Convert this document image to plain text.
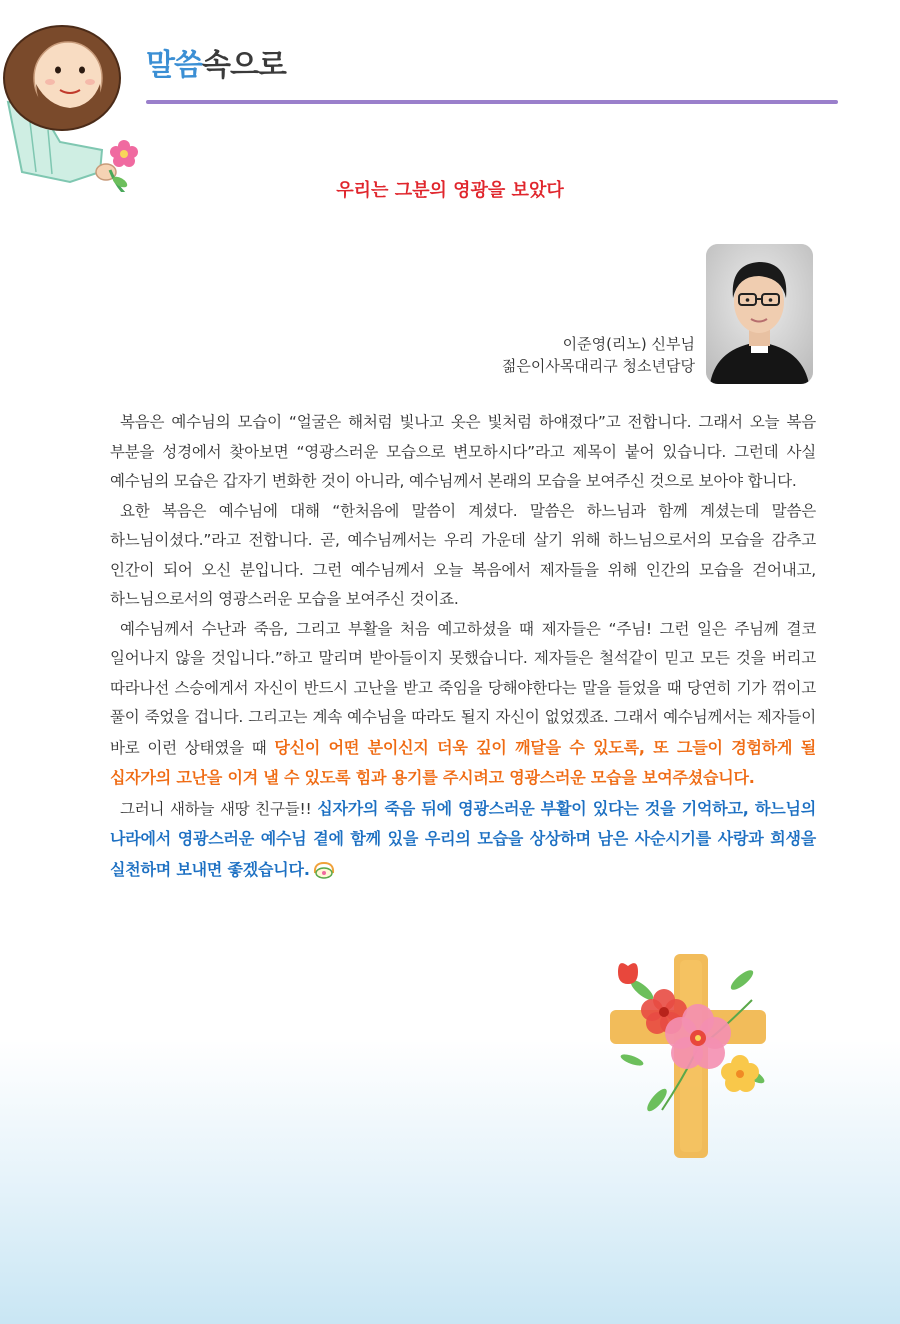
말씀속으로
우리는 그분의 영광을 보았다
이준영(리노) 신부님
젊은이사목대리구 청소년담당

복음은 예수님의 모습이 “얼굴은 해처럼 빛나고 옷은 빛처럼 하얘졌다”고 전합니다. 그래서 오늘 복음 부분을 성경에서 찾아보면 “영광스러운 모습으로 변모하시다”라고 제목이 붙어 있습니다. 그런데 사실 예수님의 모습은 갑자기 변화한 것이 아니라, 예수님께서 본래의 모습을 보여주신 것으로 보아야 합니다.

요한 복음은 예수님에 대해 “한처음에 말씀이 계셨다. 말씀은 하느님과 함께 계셨는데 말씀은 하느님이셨다.”라고 전합니다. 곧, 예수님께서는 우리 가운데 살기 위해 하느님으로서의 모습을 감추고 인간이 되어 오신 분입니다. 그런 예수님께서 오늘 복음에서 제자들을 위해 인간의 모습을 걷어내고, 하느님으로서의 영광스러운 모습을 보여주신 것이죠.

예수님께서 수난과 죽음, 그리고 부활을 처음 예고하셨을 때 제자들은 “주님! 그런 일은 주님께 결코 일어나지 않을 것입니다.”하고 말리며 받아들이지 못했습니다. 제자들은 철석같이 믿고 모든 것을 버리고 따라나선 스승에게서 자신이 반드시 고난을 받고 죽임을 당해야한다는 말을 들었을 때 당연히 기가 꺾이고 풀이 죽었을 겁니다. 그리고는 계속 예수님을 따라도 될지 자신이 없었겠죠. 그래서 예수님께서는 제자들이 바로 이런 상태였을 때 당신이 어떤 분이신지 더욱 깊이 깨달을 수 있도록, 또 그들이 경험하게 될 십자가의 고난을 이겨 낼 수 있도록 힘과 용기를 주시려고 영광스러운 모습을 보여주셨습니다.

그러니 새하늘 새땅 친구들!! 십자가의 죽음 뒤에 영광스러운 부활이 있다는 것을 기억하고, 하느님의 나라에서 영광스러운 예수님 곁에 함께 있을 우리의 모습을 상상하며 남은 사순시기를 사랑과 희생을 실천하며 보내면 좋겠습니다.
